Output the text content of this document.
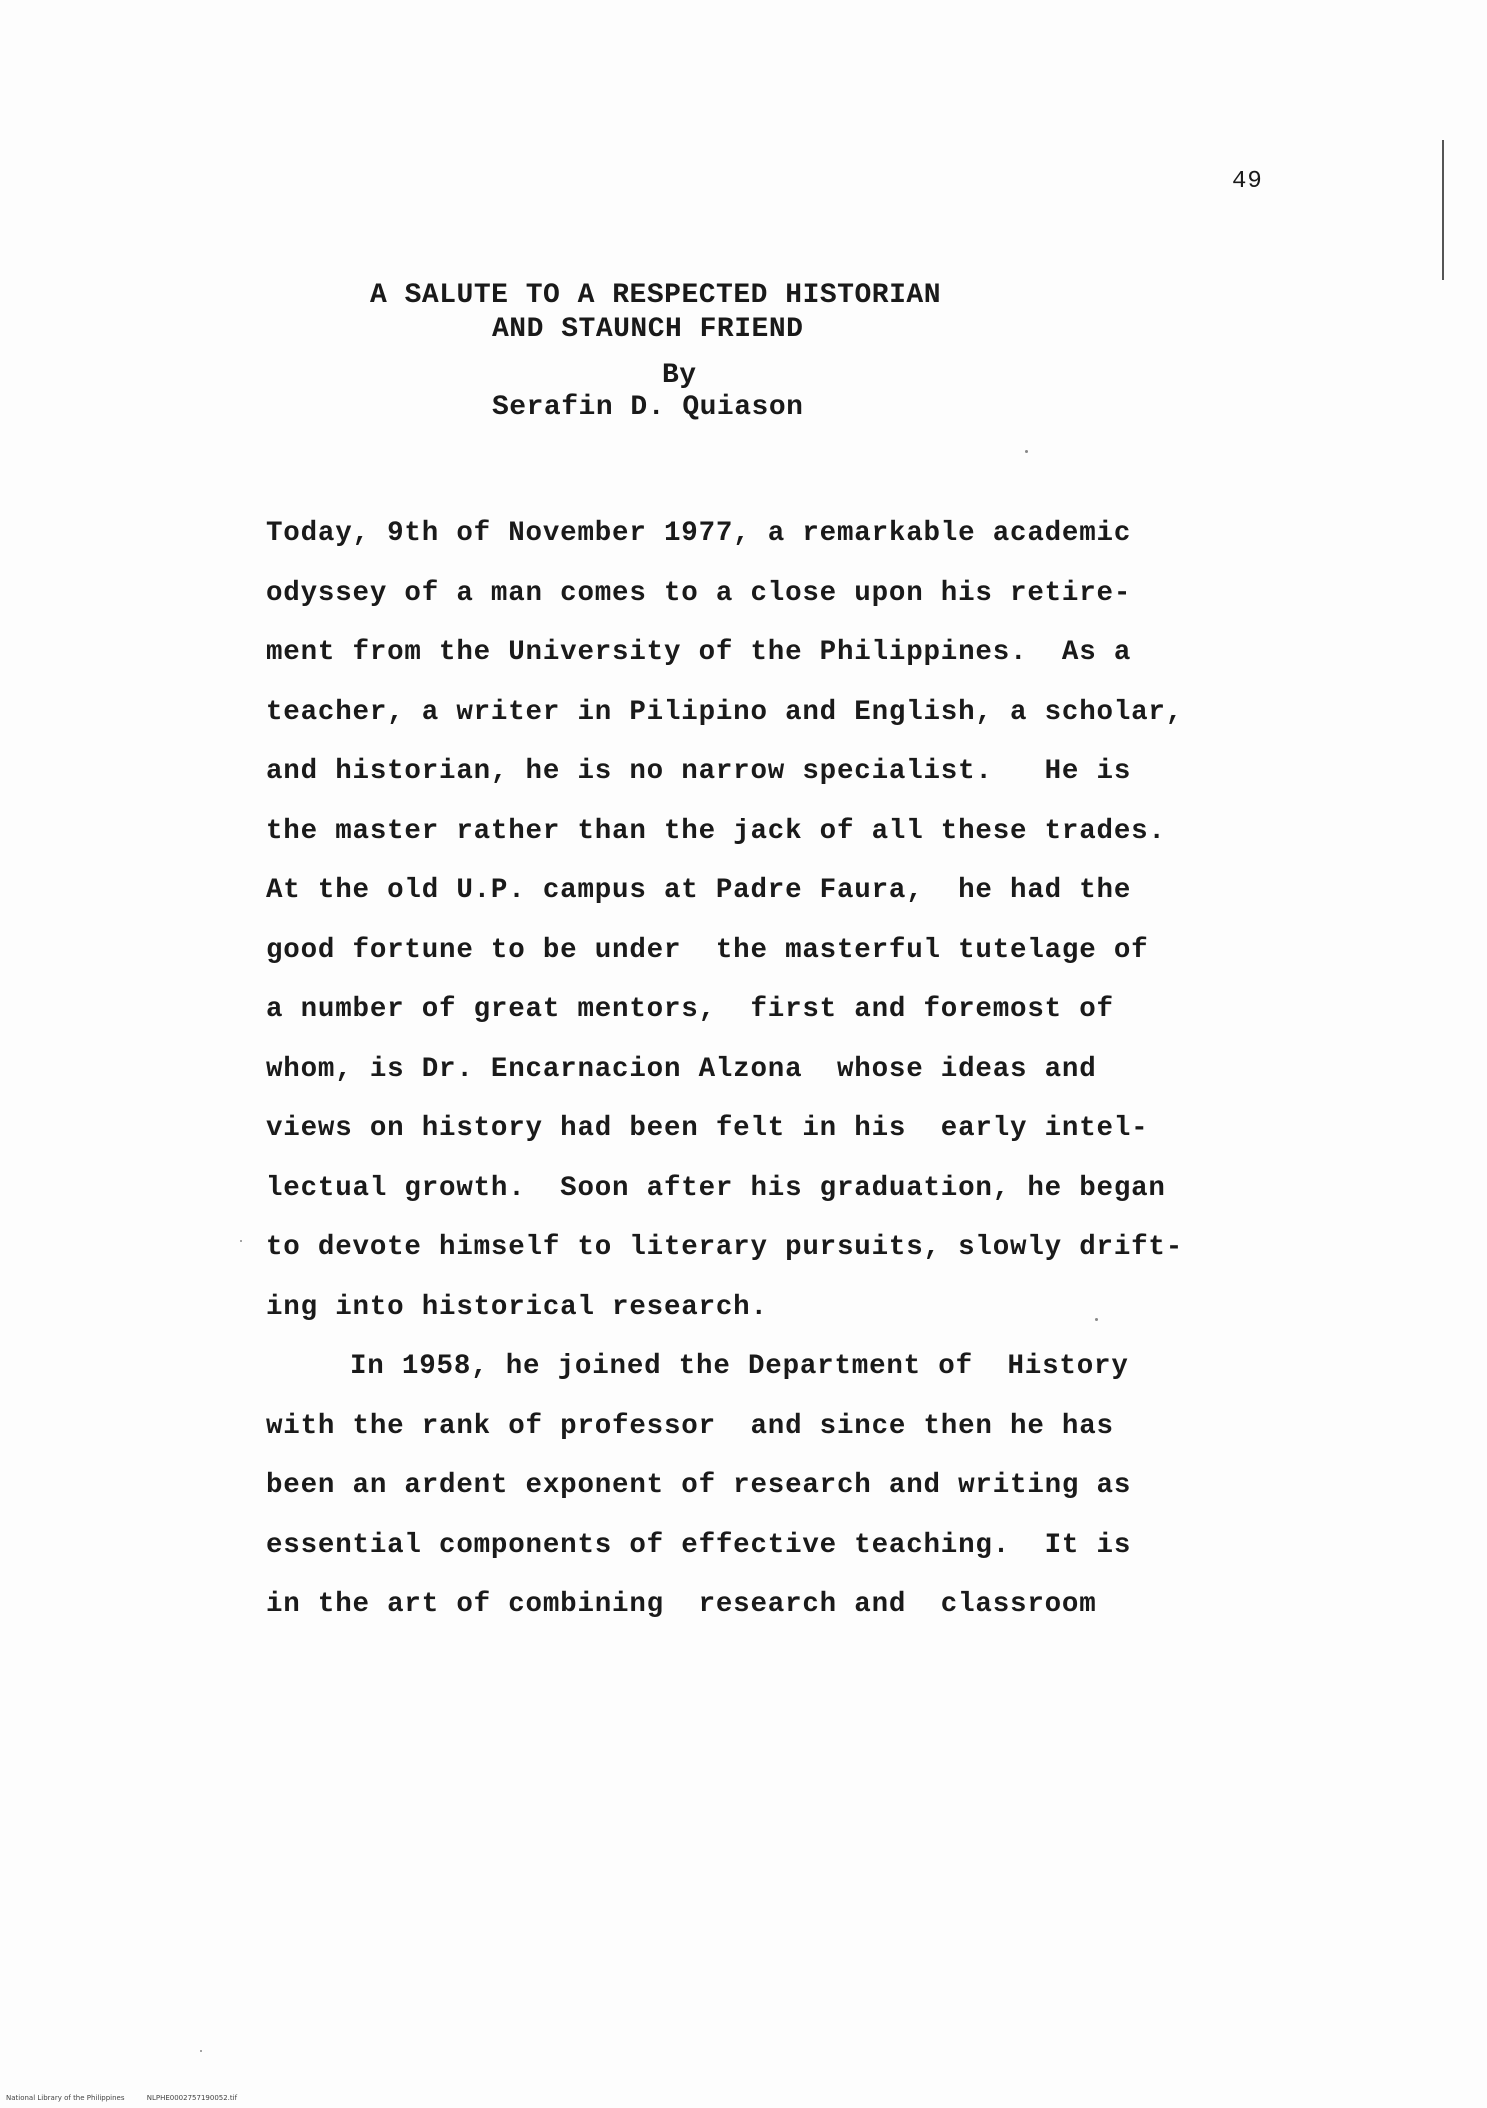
49
A SALUTE TO A RESPECTED HISTORIAN
AND STAUNCH FRIEND
By
Serafin D. Quiason
Today, 9th of November 1977, a remarkable academic
odyssey of a man comes to a close upon his retire-
ment from the University of the Philippines.  As a
teacher, a writer in Pilipino and English, a scholar,
and historian, he is no narrow specialist.   He is
the master rather than the jack of all these trades.
At the old U.P. campus at Padre Faura,  he had the
good fortune to be under  the masterful tutelage of
a number of great mentors,  first and foremost of
whom, is Dr. Encarnacion Alzona  whose ideas and
views on history had been felt in his  early intel-
lectual growth.  Soon after his graduation, he began
to devote himself to literary pursuits, slowly drift-
ing into historical research.
In 1958, he joined the Department of  History
with the rank of professor  and since then he has
been an ardent exponent of research and writing as
essential components of effective teaching.  It is
in the art of combining  research and  classroom
National Library of the Philippines	NLPHE0002757190052.tif
